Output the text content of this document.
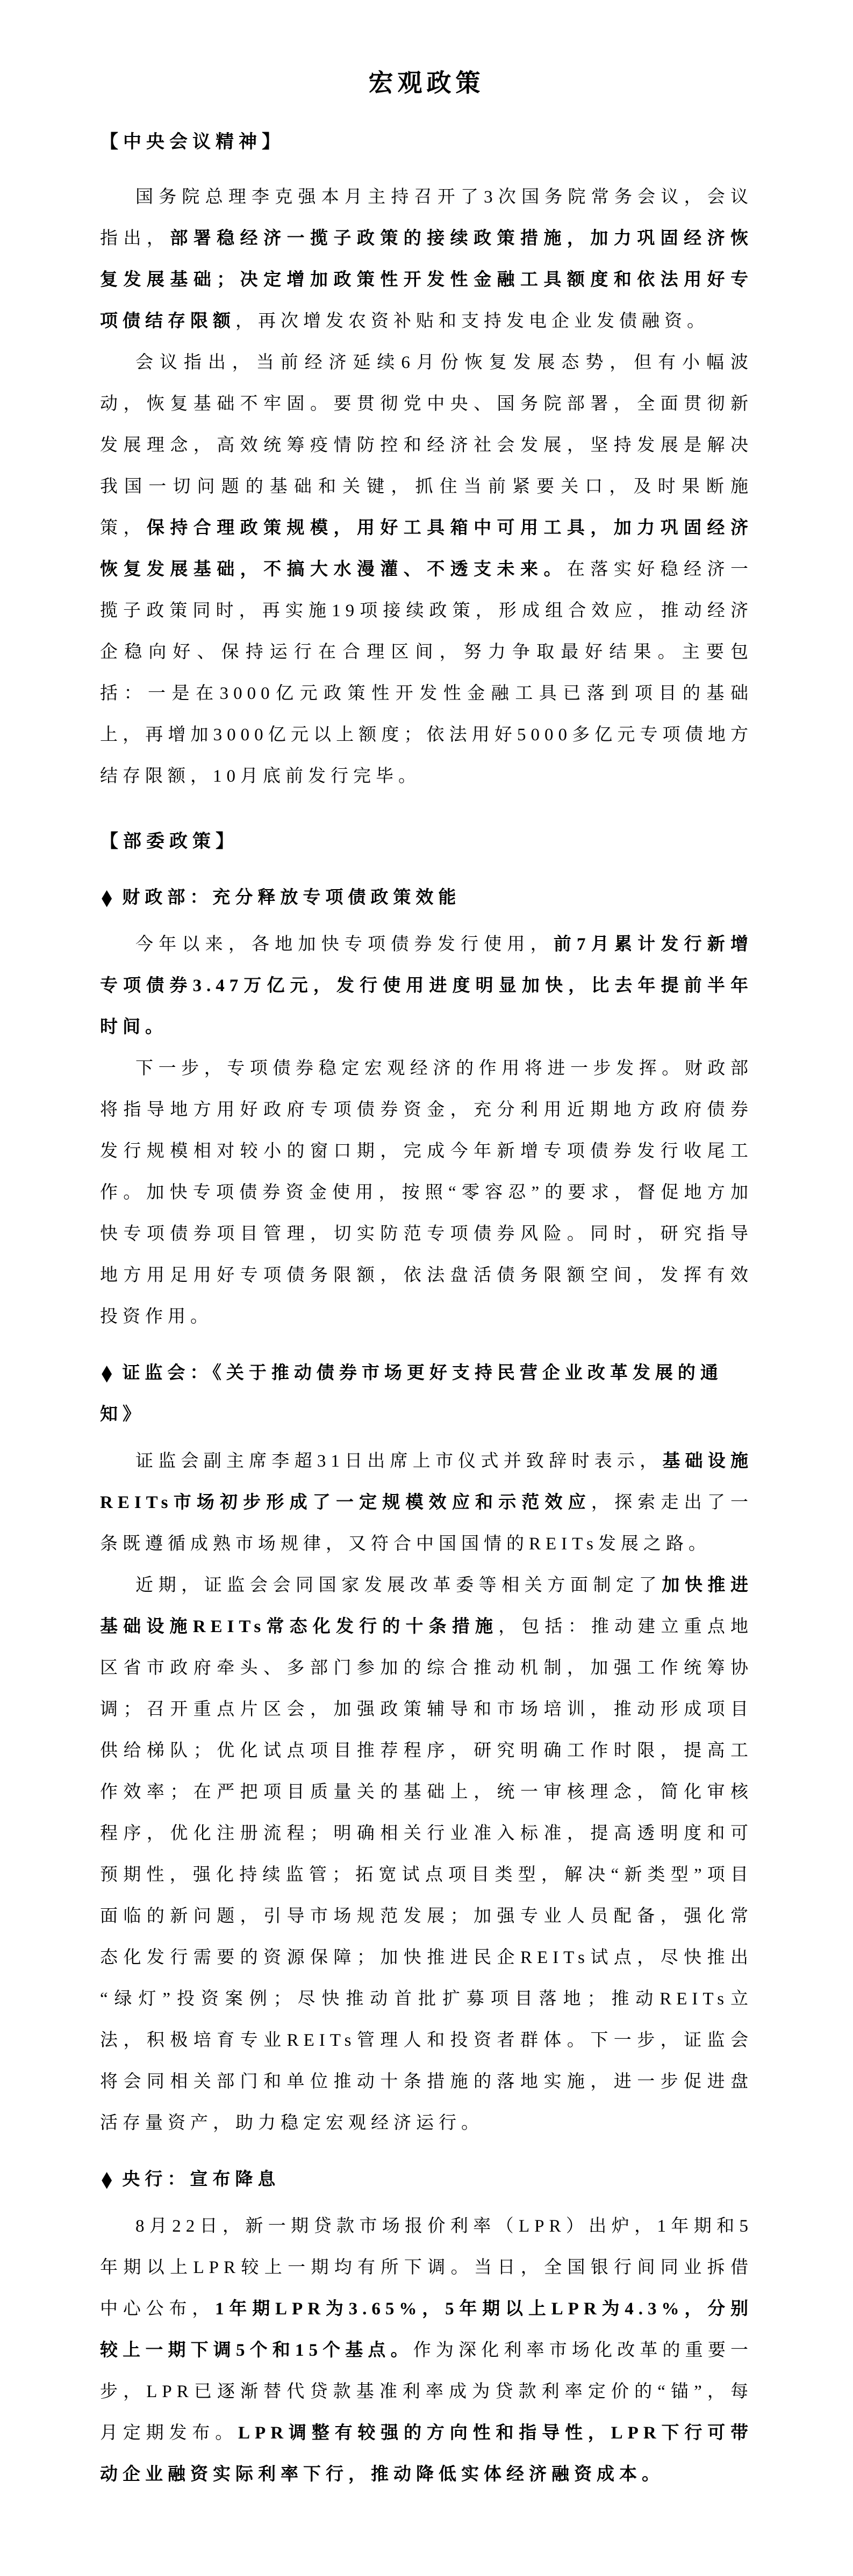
宏观政策
【中央会议精神】

国务院总理李克强本月主持召开了3次国务院常务会议，会议指出，部署稳经济一揽子政策的接续政策措施，加力巩固经济恢复发展基础；决定增加政策性开发性金融工具额度和依法用好专项债结存限额，再次增发农资补贴和支持发电企业发债融资。

会议指出，当前经济延续6月份恢复发展态势，但有小幅波动，恢复基础不牢固。要贯彻党中央、国务院部署，全面贯彻新发展理念，高效统筹疫情防控和经济社会发展，坚持发展是解决我国一切问题的基础和关键，抓住当前紧要关口，及时果断施策，保持合理政策规模，用好工具箱中可用工具，加力巩固经济恢复发展基础，不搞大水漫灌、不透支未来。在落实好稳经济一揽子政策同时，再实施19项接续政策，形成组合效应，推动经济企稳向好、保持运行在合理区间，努力争取最好结果。主要包括：一是在3000亿元政策性开发性金融工具已落到项目的基础上，再增加3000亿元以上额度；依法用好5000多亿元专项债地方结存限额，10月底前发行完毕。

【部委政策】
◆ 财政部：充分释放专项债政策效能

今年以来，各地加快专项债券发行使用，前7月累计发行新增专项债券3.47万亿元，发行使用进度明显加快，比去年提前半年时间。

下一步，专项债券稳定宏观经济的作用将进一步发挥。财政部将指导地方用好政府专项债券资金，充分利用近期地方政府债券发行规模相对较小的窗口期，完成今年新增专项债券发行收尾工作。加快专项债券资金使用，按照“零容忍”的要求，督促地方加快专项债券项目管理，切实防范专项债券风险。同时，研究指导地方用足用好专项债务限额，依法盘活债务限额空间，发挥有效投资作用。

◆ 证监会：《关于推动债券市场更好支持民营企业改革发展的通知》

证监会副主席李超31日出席上市仪式并致辞时表示，基础设施REITs市场初步形成了一定规模效应和示范效应，探索走出了一条既遵循成熟市场规律，又符合中国国情的REITs发展之路。

近期，证监会会同国家发展改革委等相关方面制定了加快推进基础设施REITs常态化发行的十条措施，包括：推动建立重点地区省市政府牵头、多部门参加的综合推动机制，加强工作统筹协调；召开重点片区会，加强政策辅导和市场培训，推动形成项目供给梯队；优化试点项目推荐程序，研究明确工作时限，提高工作效率；在严把项目质量关的基础上，统一审核理念，简化审核程序，优化注册流程；明确相关行业准入标准，提高透明度和可预期性，强化持续监管；拓宽试点项目类型，解决“新类型”项目面临的新问题，引导市场规范发展；加强专业人员配备，强化常态化发行需要的资源保障；加快推进民企REITs试点，尽快推出“绿灯”投资案例；尽快推动首批扩募项目落地；推动REITs立法，积极培育专业REITs管理人和投资者群体。下一步，证监会将会同相关部门和单位推动十条措施的落地实施，进一步促进盘活存量资产，助力稳定宏观经济运行。

◆ 央行：宣布降息

8月22日，新一期贷款市场报价利率（LPR）出炉，1年期和5年期以上LPR较上一期均有所下调。当日，全国银行间同业拆借中心公布，1年期LPR为3.65%，5年期以上LPR为4.3%，分别较上一期下调5个和15个基点。作为深化利率市场化改革的重要一步，LPR已逐渐替代贷款基准利率成为贷款利率定价的“锚”，每月定期发布。LPR调整有较强的方向性和指导性，LPR下行可带动企业融资实际利率下行，推动降低实体经济融资成本。
